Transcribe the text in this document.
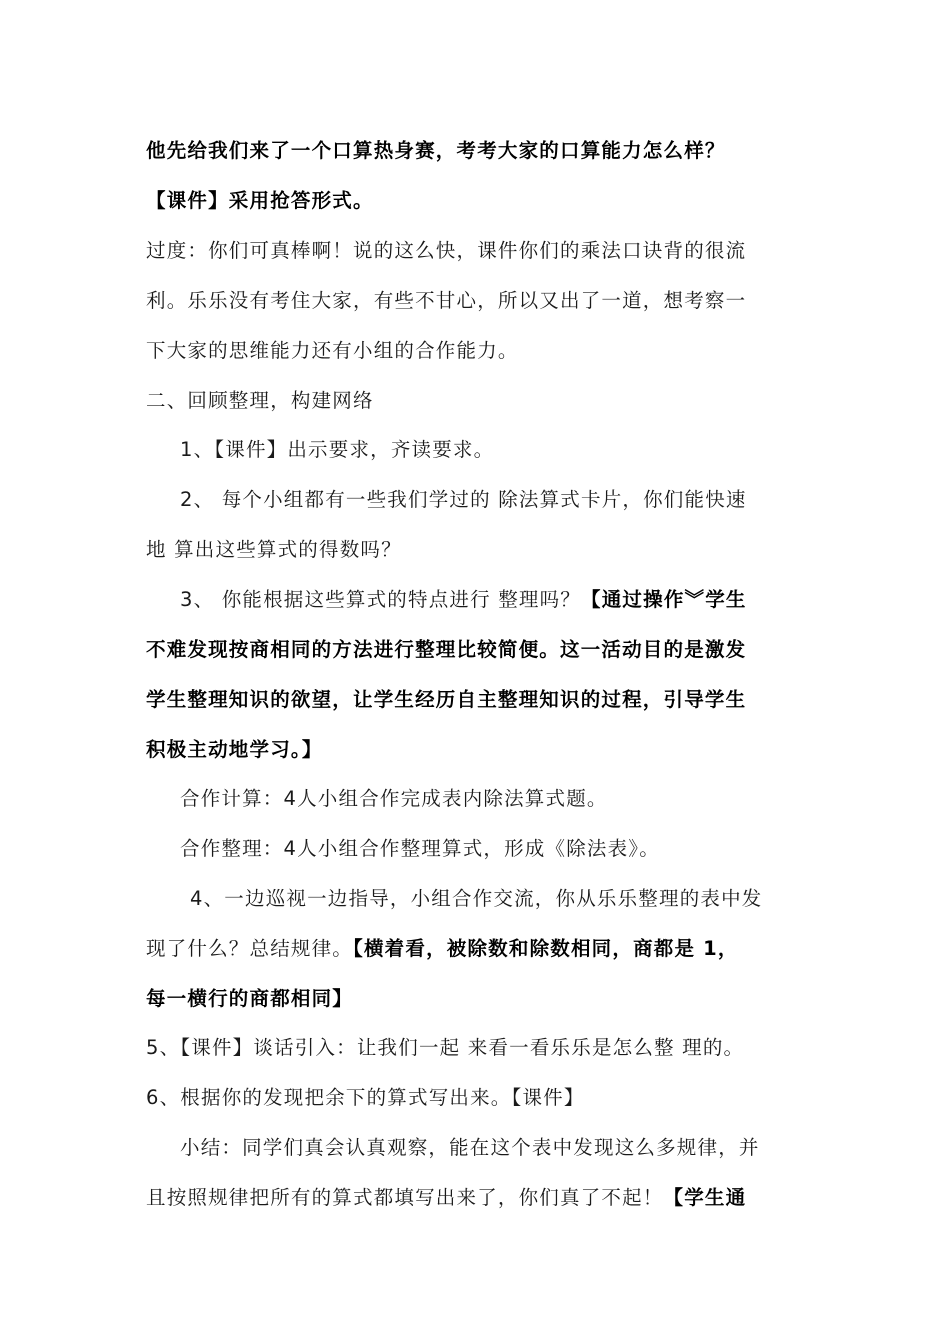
他先给我们来了一个口算热身赛，考考大家的口算能力怎么样？
【课件】采用抢答形式。
过度：你们可真棒啊！说的这么快，课件你们的乘法口诀背的很流
利。乐乐没有考住大家，有些不甘心，所以又出了一道，想考察一
下大家的思维能力还有小组的合作能力。
二、回顾整理，构建网络
1、【课件】出示要求，齐读要求。
2、 每个小组都有一些我们学过的 除法算式卡片，你们能快速
地 算出这些算式的得数吗？
3、 你能根据这些算式的特点进行 整理吗？【通过操作︾学生
不难发现按商相同的方法进行整理比较简便。这一活动目的是激发
学生整理知识的欲望，让学生经历自主整理知识的过程，引导学生
积极主动地学习。】
合作计算：4人小组合作完成表内除法算式题。
合作整理：4人小组合作整理算式，形成《除法表》。
4、一边巡视一边指导，小组合作交流，你从乐乐整理的表中发
现了什么？总结规律。【横着看，被除数和除数相同，商都是 1，
每一横行的商都相同】
5、【课件】谈话引入：让我们一起 来看一看乐乐是怎么整 理的。
6、根据你的发现把余下的算式写出来。【课件】
小结：同学们真会认真观察，能在这个表中发现这么多规律，并
且按照规律把所有的算式都填写出来了，你们真了不起！【学生通
